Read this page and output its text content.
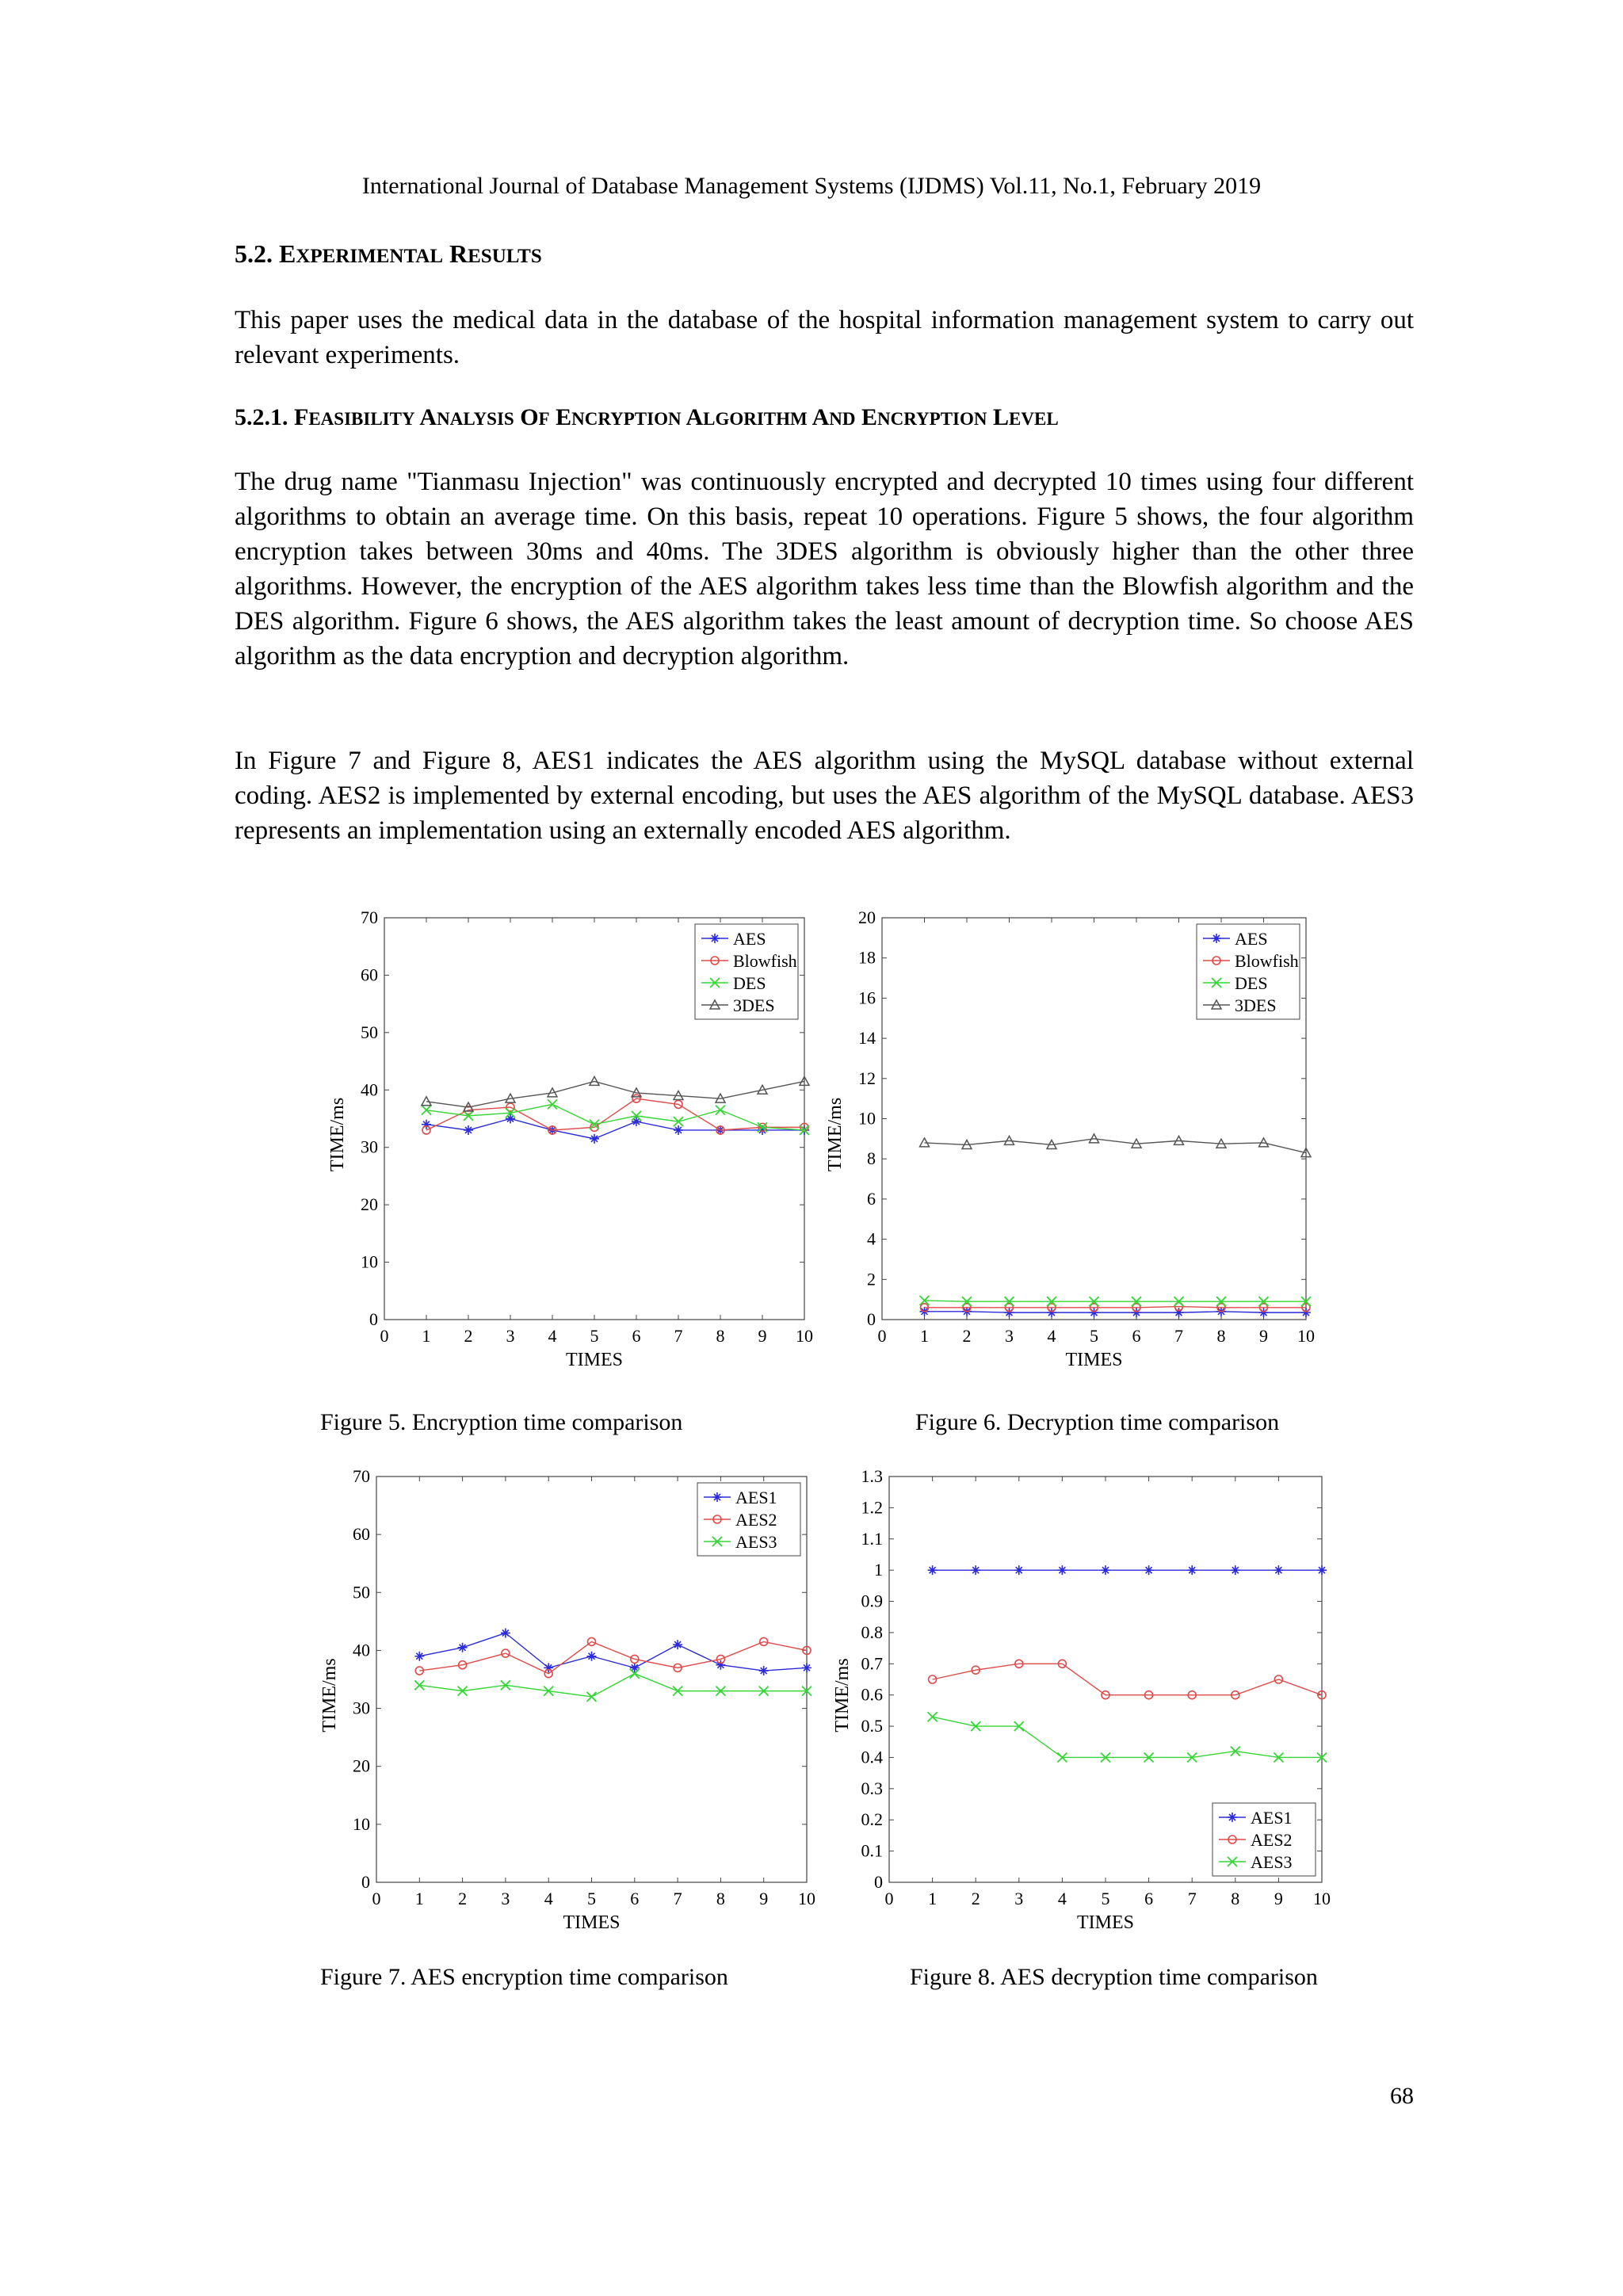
International Journal of Database Management Systems (IJDMS) Vol.11, No.1, February 2019
5.2. EXPERIMENTAL RESULTS

This paper uses the medical data in the database of the hospital information management system to carry out relevant experiments.

5.2.1. FEASIBILITY ANALYSIS OF ENCRYPTION ALGORITHM AND ENCRYPTION LEVEL

The drug name "Tianmasu Injection" was continuously encrypted and decrypted 10 times using four different algorithms to obtain an average time. On this basis, repeat 10 operations. Figure 5 shows, the four algorithm encryption takes between 30ms and 40ms. The 3DES algorithm is obviously higher than the other three algorithms. However, the encryption of the AES algorithm takes less time than the Blowfish algorithm and the DES algorithm. Figure 6 shows, the AES algorithm takes the least amount of decryption time. So choose AES algorithm as the data encryption and decryption algorithm.

In Figure 7 and Figure 8, AES1 indicates the AES algorithm using the MySQL database without external coding. AES2 is implemented by external encoding, but uses the AES algorithm of the MySQL database. AES3 represents an implementation using an externally encoded AES algorithm.

0 1 2 3 4 5 6 7 8 9 10
0
10
20
30
40
50
60
70
TIMES
TIME/ms
AES
Blowfish
DES
3DES
0 1 2 3 4 5 6 7 8 9 10
0
2
4
6
8
10
12
14
16
18
20
TIMES
TIME/ms
AES
Blowfish
DES
3DES
0 1 2 3 4 5 6 7 8 9 10
0
10
20
30
40
50
60
70
TIMES
TIME/ms
AES1
AES2
AES3
0 1 2 3 4 5 6 7 8 9 10
0
0.1
0.2
0.3
0.4
0.5
0.6
0.7
0.8
0.9
1
1.1
1.2
1.3
TIMES
TIME/ms
AES1
AES2
AES3
Figure 5. Encryption time comparison	Figure 6. Decryption time comparison
Figure 7. AES encryption time comparison	Figure 8. AES decryption time comparison
68
